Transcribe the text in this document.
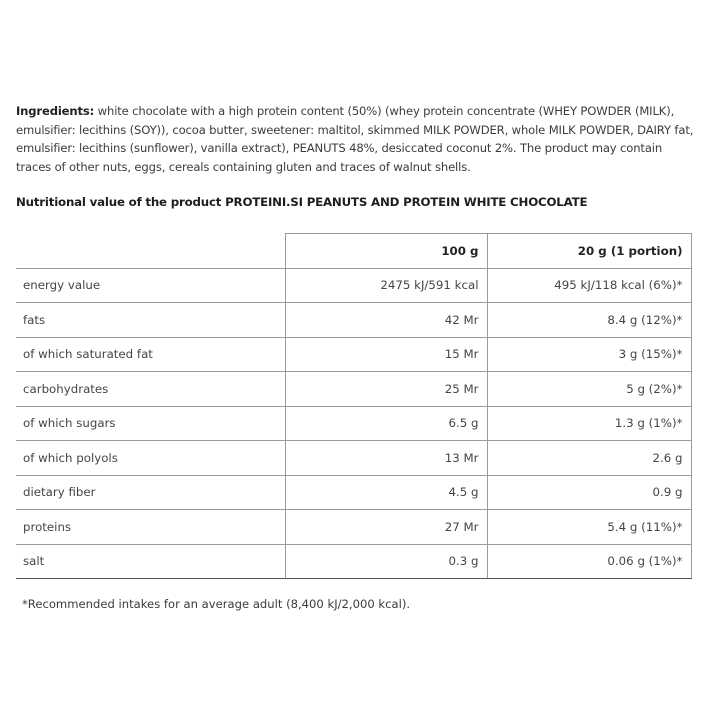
Ingredients: white chocolate with a high protein content (50%) (whey protein concentrate (WHEY POWDER (MILK), emulsifier: lecithins (SOY)), cocoa butter, sweetener: maltitol, skimmed MILK POWDER, whole MILK POWDER, DAIRY fat, emulsifier: lecithins (sunflower), vanilla extract), PEANUTS 48%, desiccated coconut 2%. The product may contain traces of other nuts, eggs, cereals containing gluten and traces of walnut shells.
Nutritional value of the product PROTEINI.SI PEANUTS AND PROTEIN WHITE CHOCOLATE
	100 g	20 g (1 portion)
energy value	2475 kJ/591 kcal	495 kJ/118 kcal (6%)*
fats	42 Mr	8.4 g (12%)*
of which saturated fat	15 Mr	3 g (15%)*
carbohydrates	25 Mr	5 g (2%)*
of which sugars	6.5 g	1.3 g (1%)*
of which polyols	13 Mr	2.6 g
dietary fiber	4.5 g	0.9 g
proteins	27 Mr	5.4 g (11%)*
salt	0.3 g	0.06 g (1%)*
*Recommended intakes for an average adult (8,400 kJ/2,000 kcal).
